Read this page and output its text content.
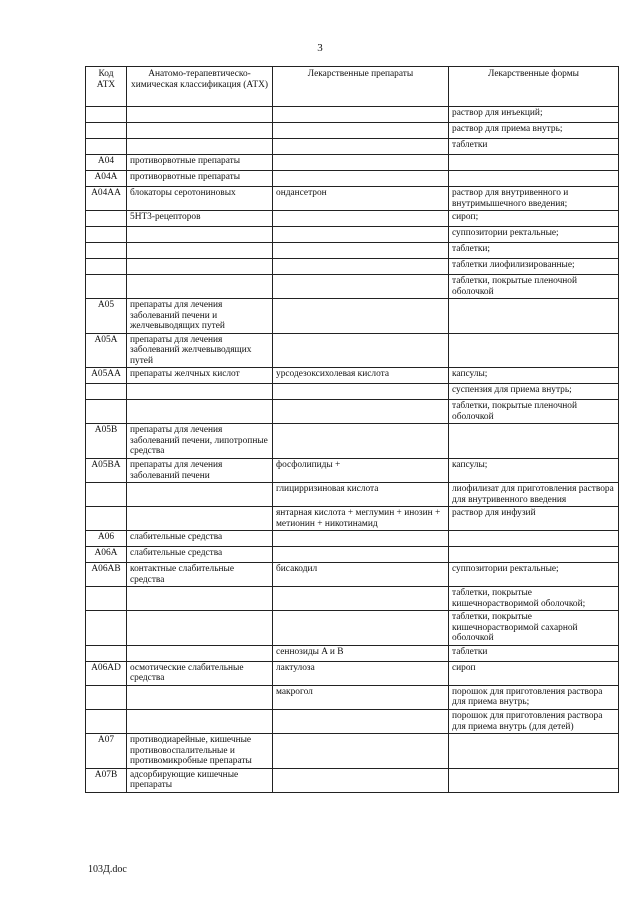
3
Код АТХ	Анатомо-терапевтическо-химическая классификация (АТХ)	Лекарственные препараты	Лекарственные формы
			раствор для инъекций;
			раствор для приема внутрь;
			таблетки
A04	противорвотные препараты		
A04A	противорвотные препараты		
A04AA	блокаторы серотониновых	ондансетрон	раствор для внутривенного и внутримышечного введения;
	5HT3-рецепторов		сироп;
			суппозитории ректальные;
			таблетки;
			таблетки лиофилизированные;
			таблетки, покрытые пленочной оболочкой
A05	препараты для лечения заболеваний печени и желчевыводящих путей		
A05A	препараты для лечения заболеваний желчевыводящих путей		
A05AA	препараты желчных кислот	урсодезоксихолевая кислота	капсулы;
			суспензия для приема внутрь;
			таблетки, покрытые пленочной оболочкой
A05B	препараты для лечения заболеваний печени, липотропные средства		
A05BA	препараты для лечения заболеваний печени	фосфолипиды +	капсулы;
		глицирризиновая кислота	лиофилизат для приготовления раствора для внутривенного введения
		янтарная кислота + меглумин + инозин + метионин + никотинамид	раствор для инфузий
A06	слабительные средства		
A06A	слабительные средства		
A06AB	контактные слабительные средства	бисакодил	суппозитории ректальные;
			таблетки, покрытые кишечнорастворимой оболочкой;
			таблетки, покрытые кишечнорастворимой сахарной оболочкой
		сеннозиды A и B	таблетки
A06AD	осмотические слабительные средства	лактулоза	сироп
		макрогол	порошок для приготовления раствора для приема внутрь;
			порошок для приготовления раствора для приема внутрь (для детей)
A07	противодиарейные, кишечные противовоспалительные и противомикробные препараты		
A07B	адсорбирующие кишечные препараты		
103Д.doc
